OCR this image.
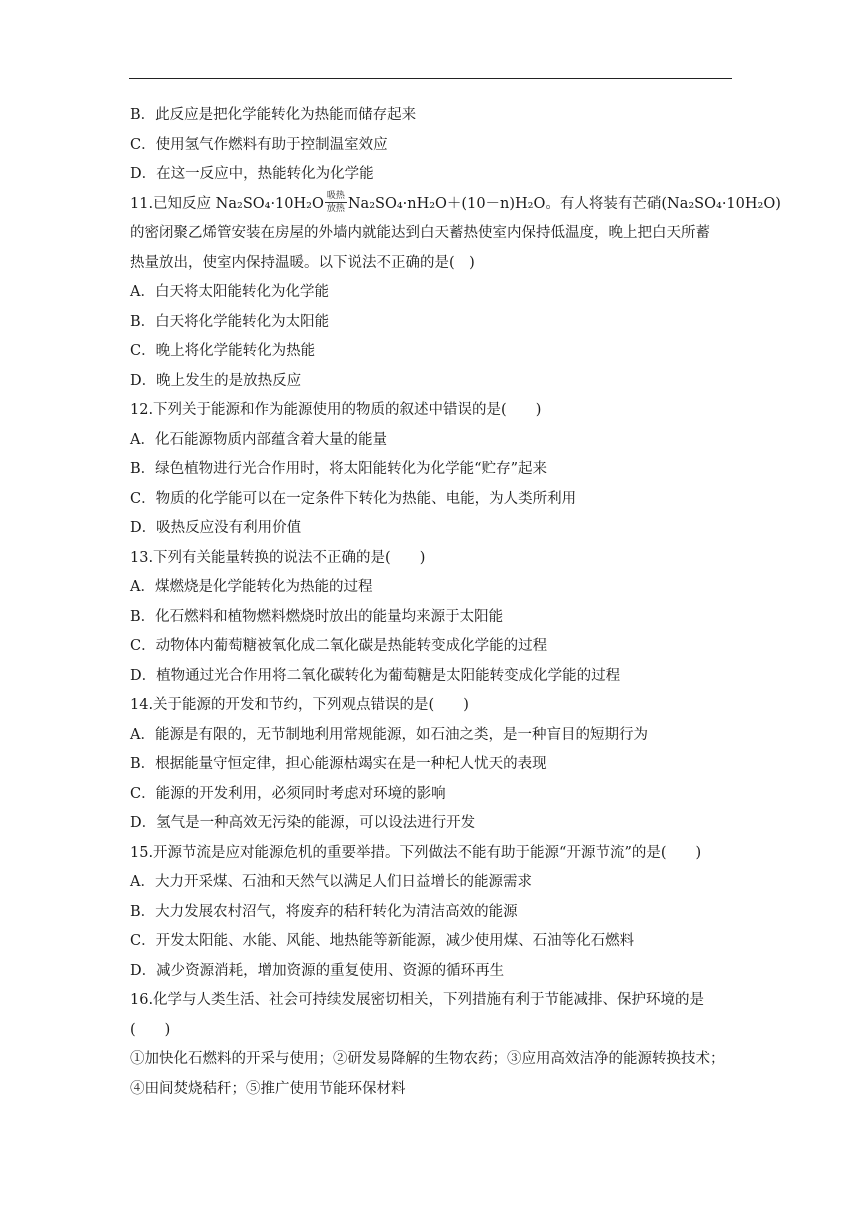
B．此反应是把化学能转化为热能而储存起来
C．使用氢气作燃料有助于控制温室效应
D．在这一反应中，热能转化为化学能
11.已知反应 Na₂SO₄·10H₂O 吸热
放热 Na₂SO₄·nH₂O＋(10－n)H₂O。有人将装有芒硝(Na₂SO₄·10H₂O)
的密闭聚乙烯管安装在房屋的外墙内就能达到白天蓄热使室内保持低温度，晚上把白天所蓄
热量放出，使室内保持温暖。以下说法不正确的是(　)
A．白天将太阳能转化为化学能
B．白天将化学能转化为太阳能
C．晚上将化学能转化为热能
D．晚上发生的是放热反应
12.下列关于能源和作为能源使用的物质的叙述中错误的是(　　)
A．化石能源物质内部蕴含着大量的能量
B．绿色植物进行光合作用时，将太阳能转化为化学能“贮存”起来
C．物质的化学能可以在一定条件下转化为热能、电能，为人类所利用
D．吸热反应没有利用价值
13.下列有关能量转换的说法不正确的是(　　)
A．煤燃烧是化学能转化为热能的过程
B．化石燃料和植物燃料燃烧时放出的能量均来源于太阳能
C．动物体内葡萄糖被氧化成二氧化碳是热能转变成化学能的过程
D．植物通过光合作用将二氧化碳转化为葡萄糖是太阳能转变成化学能的过程
14.关于能源的开发和节约，下列观点错误的是(　　)
A．能源是有限的，无节制地利用常规能源，如石油之类，是一种盲目的短期行为
B．根据能量守恒定律，担心能源枯竭实在是一种杞人忧天的表现
C．能源的开发利用，必须同时考虑对环境的影响
D．氢气是一种高效无污染的能源，可以设法进行开发
15.开源节流是应对能源危机的重要举措。下列做法不能有助于能源“开源节流”的是(　　)
A．大力开采煤、石油和天然气以满足人们日益增长的能源需求
B．大力发展农村沼气，将废弃的秸秆转化为清洁高效的能源
C．开发太阳能、水能、风能、地热能等新能源，减少使用煤、石油等化石燃料
D．减少资源消耗，增加资源的重复使用、资源的循环再生
16.化学与人类生活、社会可持续发展密切相关，下列措施有利于节能减排、保护环境的是
(　　)
①加快化石燃料的开采与使用；②研发易降解的生物农药；③应用高效洁净的能源转换技术；
④田间焚烧秸秆；⑤推广使用节能环保材料
